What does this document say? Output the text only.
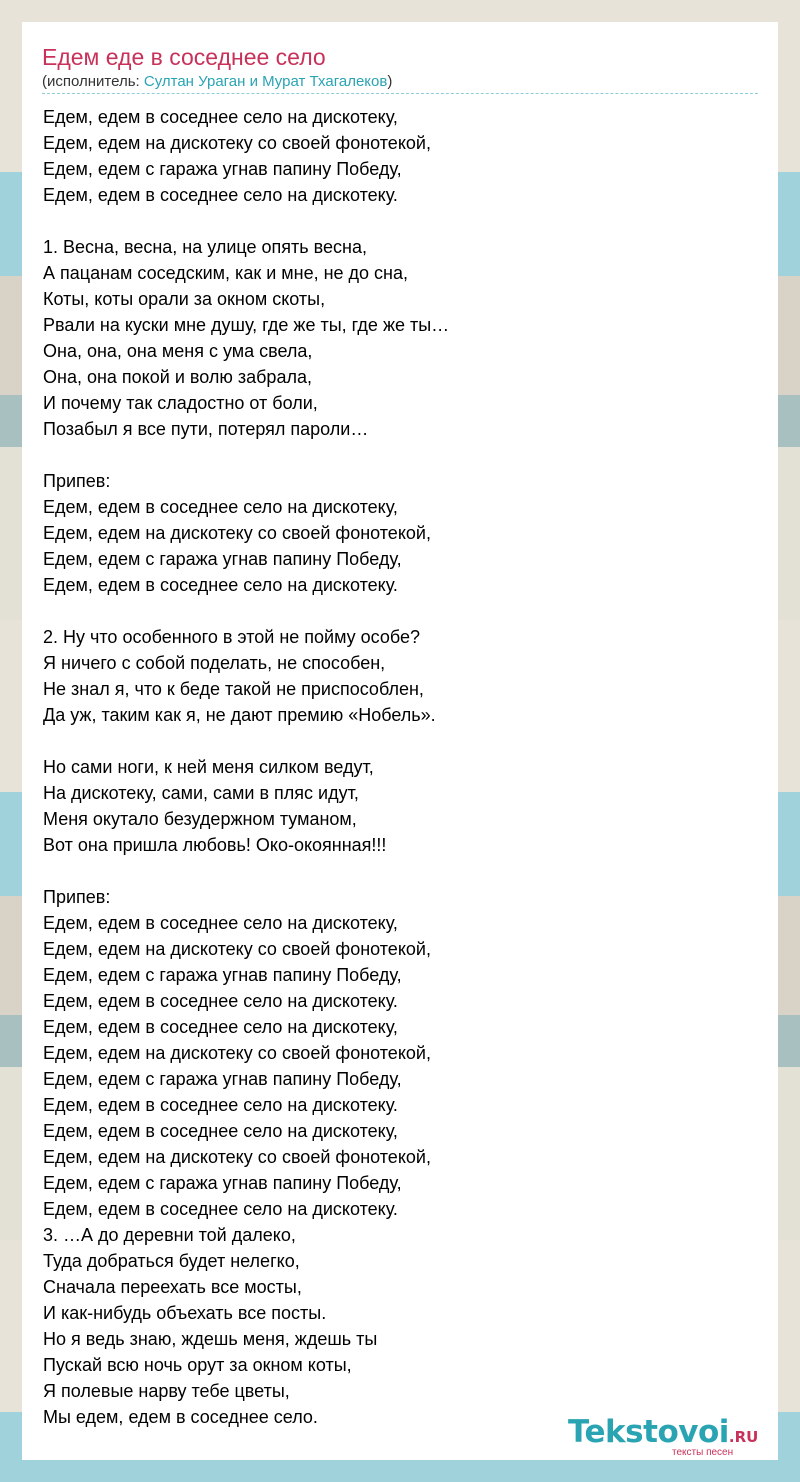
Едем еде в соседнее село
(исполнитель: Султан Ураган и Мурат Тхагалеков)
Едем, едем в соседнее село на дискотеку,
Едем, едем на дискотеку со своей фонотекой,
Едем, едем с гаража угнав папину Победу,
Едем, едем в соседнее село на дискотеку.

1. Весна, весна, на улице опять весна,
А пацанам соседским, как и мне, не до сна,
Коты, коты орали за окном скоты,
Рвали на куски мне душу, где же ты, где же ты…
Она, она, она меня с ума свела,
Она, она покой и волю забрала,
И почему так сладостно от боли,
Позабыл я все пути, потерял пароли…

Припев:
Едем, едем в соседнее село на дискотеку,
Едем, едем на дискотеку со своей фонотекой,
Едем, едем с гаража угнав папину Победу,
Едем, едем в соседнее село на дискотеку.

2. Ну что особенного в этой не пойму особе?
Я ничего с собой поделать, не способен,
Не знал я, что к беде такой не приспособлен,
Да уж, таким как я, не дают премию «Нобель».

Но сами ноги, к ней меня силком ведут,
На дискотеку, сами, сами в пляс идут,
Меня окутало безудержном туманом,
Вот она пришла любовь! Око-окоянная!!!

Припев:
Едем, едем в соседнее село на дискотеку,
Едем, едем на дискотеку со своей фонотекой,
Едем, едем с гаража угнав папину Победу,
Едем, едем в соседнее село на дискотеку.
Едем, едем в соседнее село на дискотеку,
Едем, едем на дискотеку со своей фонотекой,
Едем, едем с гаража угнав папину Победу,
Едем, едем в соседнее село на дискотеку.
Едем, едем в соседнее село на дискотеку,
Едем, едем на дискотеку со своей фонотекой,
Едем, едем с гаража угнав папину Победу,
Едем, едем в соседнее село на дискотеку.
3. …А до деревни той далеко,
Туда добраться будет нелегко,
Сначала переехать все мосты,
И как-нибудь объехать все посты.
Но я ведь знаю, ждешь меня, ждешь ты
Пускай всю ночь орут за окном коты,
Я полевые нарву тебе цветы,
Мы едем, едем в соседнее село.	Tekstovoi.RU
тексты песен
